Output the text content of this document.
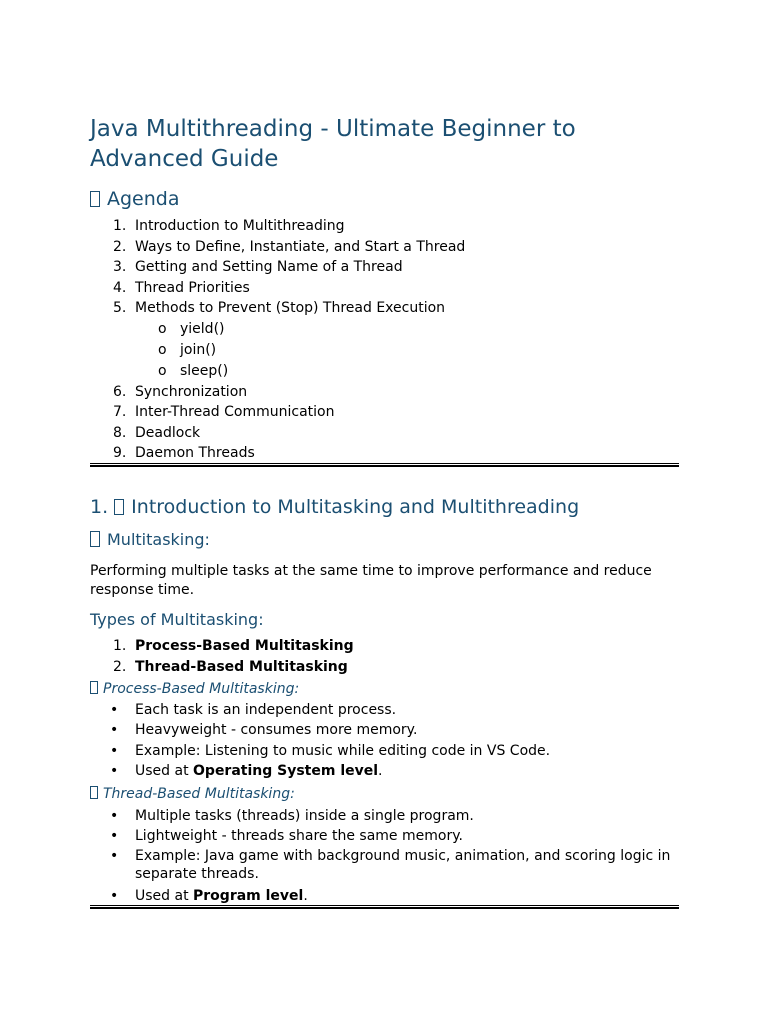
Java Multithreading - Ultimate Beginner to Advanced Guide
Agenda
1. Introduction to Multithreading
2. Ways to Define, Instantiate, and Start a Thread
3. Getting and Setting Name of a Thread
4. Thread Priorities
5. Methods to Prevent (Stop) Thread Execution
o yield()
o join()
o sleep()
6. Synchronization
7. Inter-Thread Communication
8. Deadlock
9. Daemon Threads
1. Introduction to Multitasking and Multithreading
Multitasking:

Performing multiple tasks at the same time to improve performance and reduce response time.

Types of Multitasking:
1. Process-Based Multitasking
2. Thread-Based Multitasking
Process-Based Multitasking:
• Each task is an independent process.
• Heavyweight - consumes more memory.
• Example: Listening to music while editing code in VS Code.
• Used at Operating System level.
Thread-Based Multitasking:
• Multiple tasks (threads) inside a single program.
• Lightweight - threads share the same memory.
• Example: Java game with background music, animation, and scoring logic in separate threads.
• Used at Program level.
